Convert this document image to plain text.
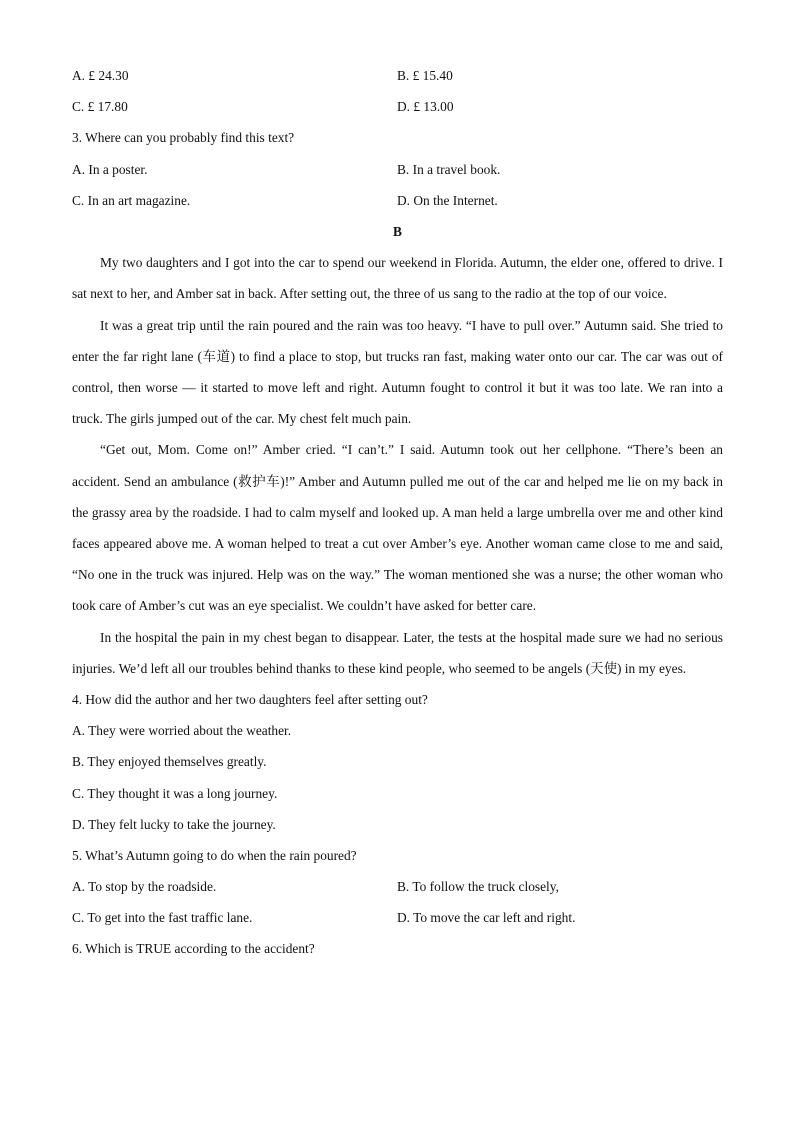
A. £ 24.30	B. £ 15.40
C. £ 17.80	D. £ 13.00
3. Where can you probably find this text?
A. In a poster.	B. In a travel book.
C. In an art magazine.	D. On the Internet.
B

My two daughters and I got into the car to spend our weekend in Florida. Autumn, the elder one, offered to drive. I sat next to her, and Amber sat in back. After setting out, the three of us sang to the radio at the top of our voice.

It was a great trip until the rain poured and the rain was too heavy. “I have to pull over.” Autumn said. She tried to enter the far right lane (车道) to find a place to stop, but trucks ran fast, making water onto our car. The car was out of control, then worse — it started to move left and right. Autumn fought to control it but it was too late. We ran into a truck. The girls jumped out of the car. My chest felt much pain.

“Get out, Mom. Come on!” Amber cried. “I can’t.” I said. Autumn took out her cellphone. “There’s been an accident. Send an ambulance (救护车)!” Amber and Autumn pulled me out of the car and helped me lie on my back in the grassy area by the roadside. I had to calm myself and looked up. A man held a large umbrella over me and other kind faces appeared above me. A woman helped to treat a cut over Amber’s eye. Another woman came close to me and said, “No one in the truck was injured. Help was on the way.” The woman mentioned she was a nurse; the other woman who took care of Amber’s cut was an eye specialist. We couldn’t have asked for better care.

In the hospital the pain in my chest began to disappear. Later, the tests at the hospital made sure we had no serious injuries. We’d left all our troubles behind thanks to these kind people, who seemed to be angels (天使) in my eyes.

4. How did the author and her two daughters feel after setting out?
A. They were worried about the weather.
B. They enjoyed themselves greatly.
C. They thought it was a long journey.
D. They felt lucky to take the journey.
5. What’s Autumn going to do when the rain poured?
A. To stop by the roadside.	B. To follow the truck closely,
C. To get into the fast traffic lane.	D. To move the car left and right.
6. Which is TRUE according to the accident?
